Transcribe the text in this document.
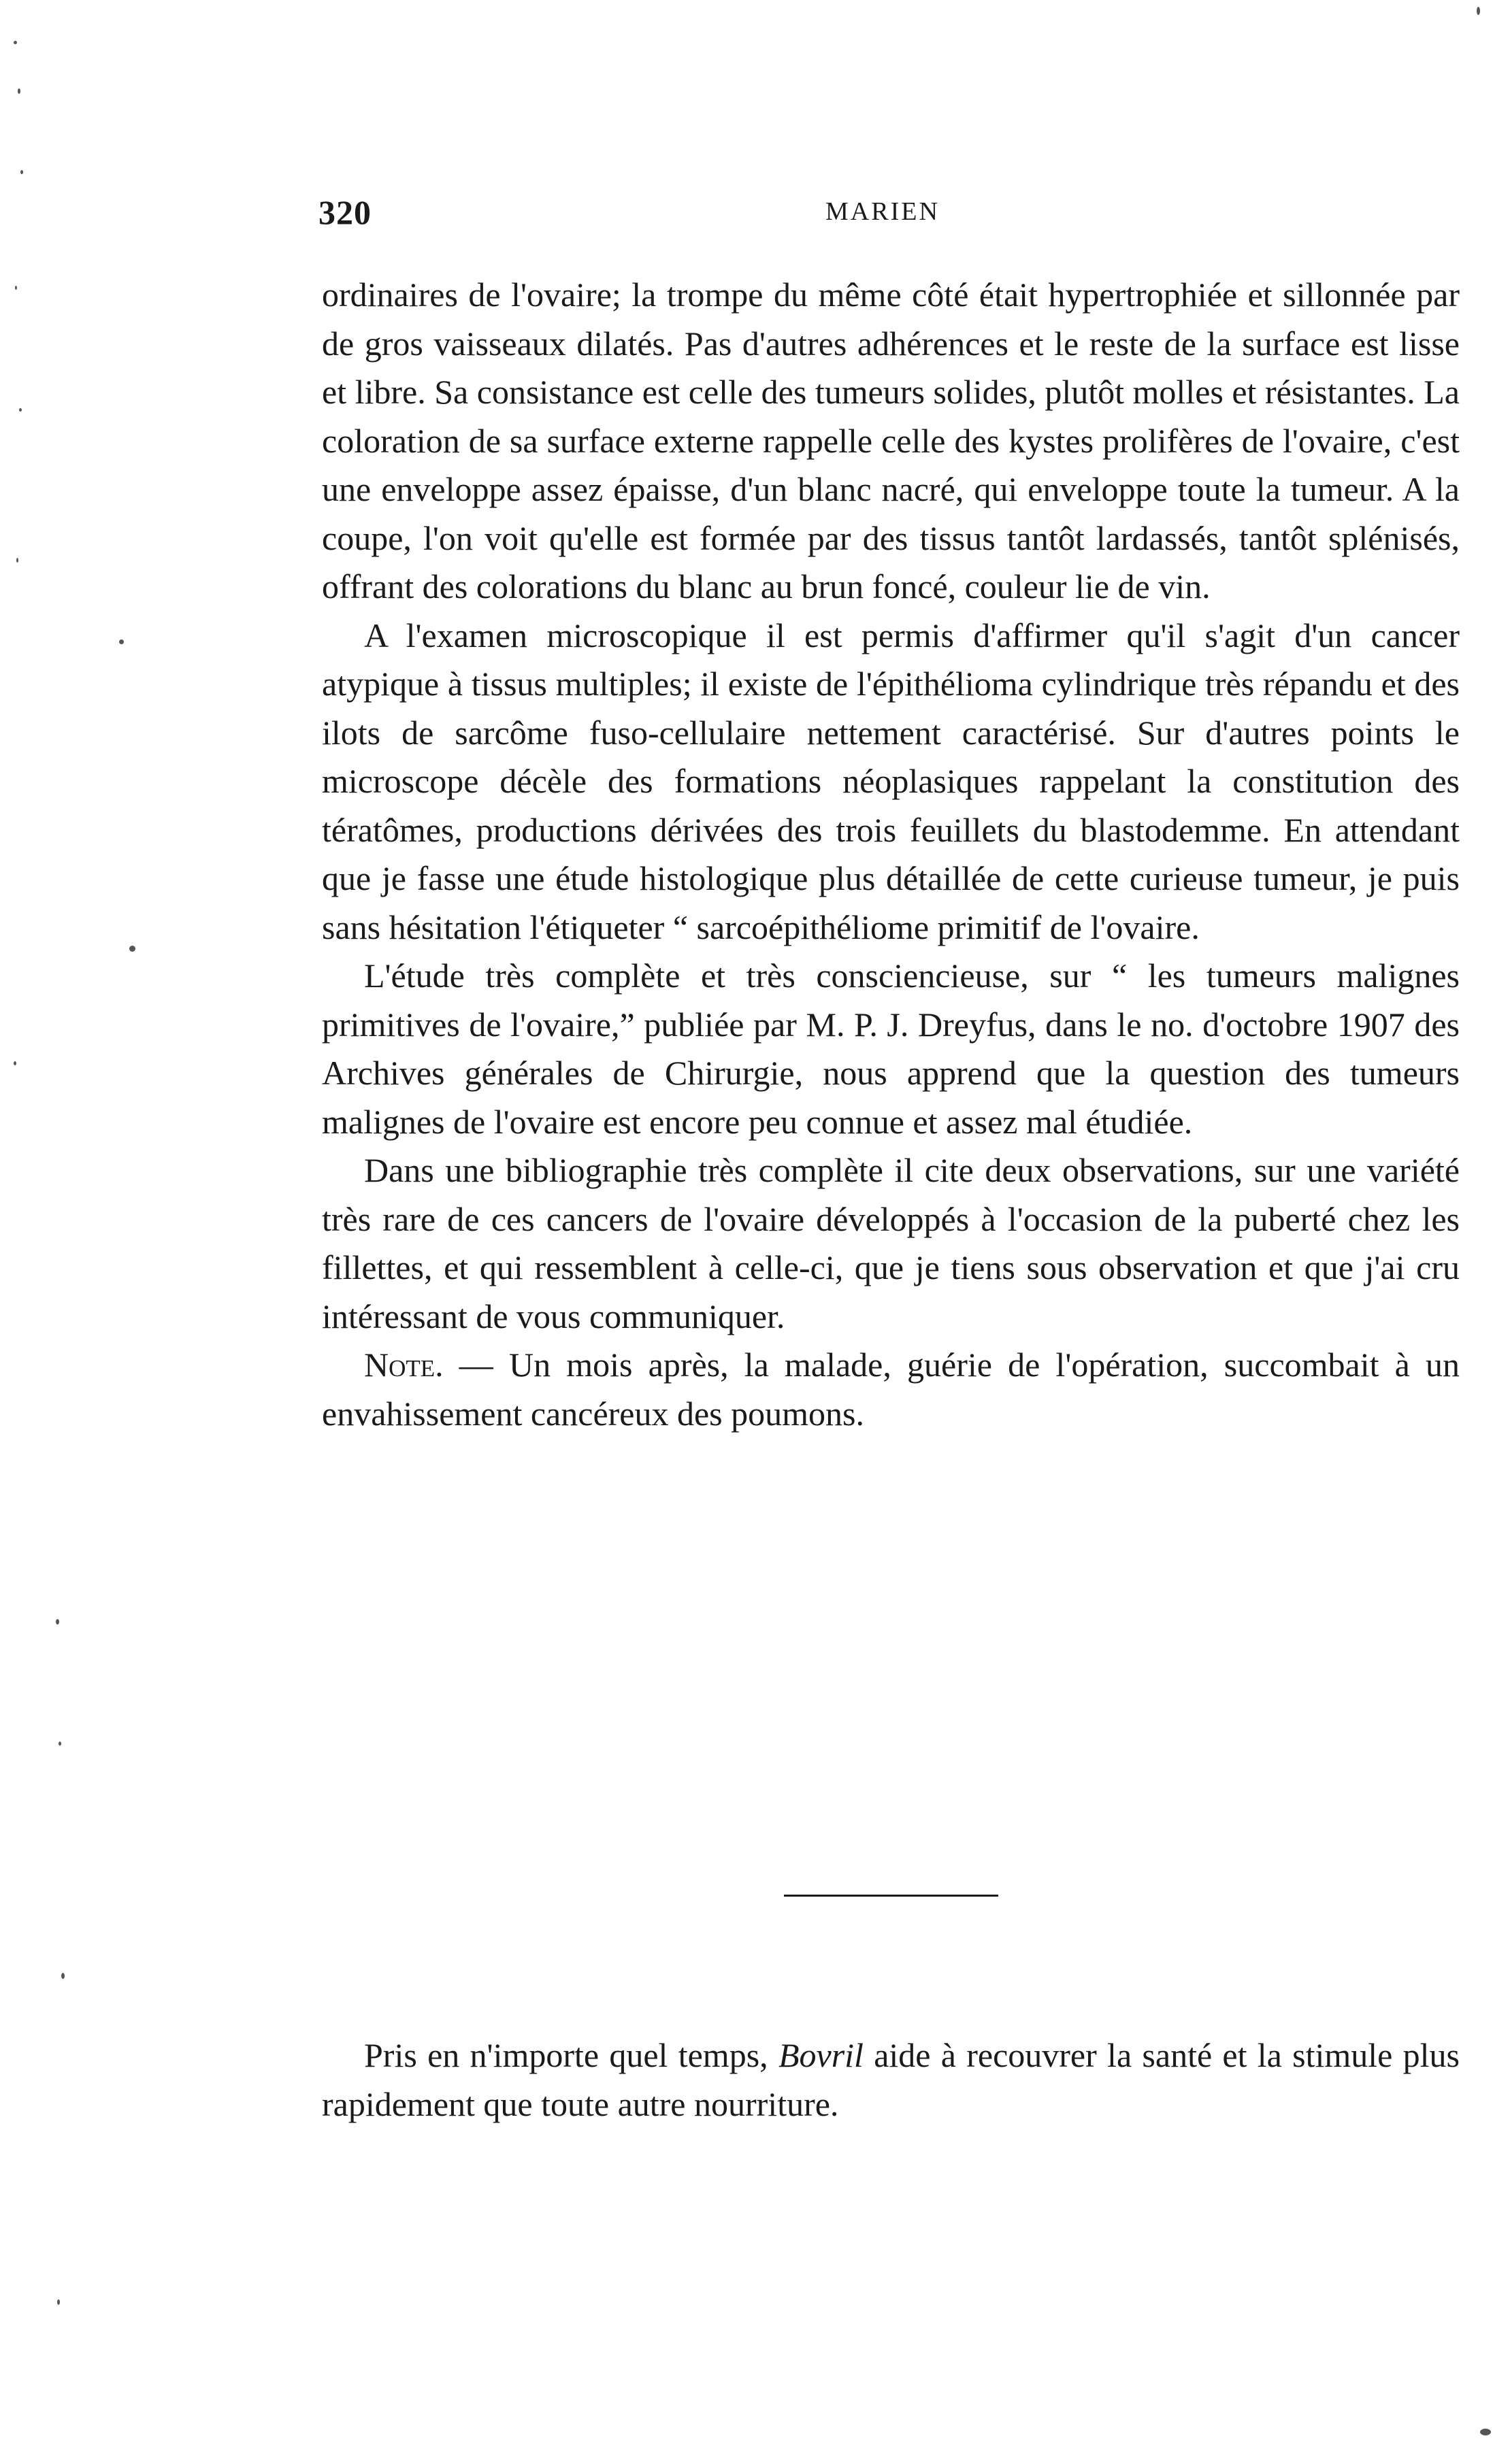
320	MARIEN

ordinaires de l'ovaire; la trompe du même côté était hypertrophiée et sillonnée par de gros vaisseaux dilatés. Pas d'autres adhérences et le reste de la surface est lisse et libre. Sa consistance est celle des tumeurs solides, plutôt molles et résistantes. La coloration de sa surface externe rappelle celle des kystes prolifères de l'ovaire, c'est une enveloppe assez épaisse, d'un blanc nacré, qui enveloppe toute la tumeur. A la coupe, l'on voit qu'elle est formée par des tissus tantôt lardassés, tantôt splénisés, offrant des colorations du blanc au brun foncé, couleur lie de vin.

A l'examen microscopique il est permis d'affirmer qu'il s'agit d'un cancer atypique à tissus multiples; il existe de l'épithélioma cylindrique très répandu et des ilots de sarcôme fuso-cellulaire nettement caractérisé. Sur d'autres points le microscope décèle des formations néoplasiques rappelant la constitution des tératômes, productions dérivées des trois feuillets du blastodemme. En attendant que je fasse une étude histologique plus détaillée de cette curieuse tumeur, je puis sans hésitation l'étiqueter “ sarcoépithéliome primitif de l'ovaire.

L'étude très complète et très consciencieuse, sur “ les tumeurs malignes primitives de l'ovaire,” publiée par M. P. J. Dreyfus, dans le no. d'octobre 1907 des Archives générales de Chirurgie, nous apprend que la question des tumeurs malignes de l'ovaire est encore peu connue et assez mal étudiée.

Dans une bibliographie très complète il cite deux observations, sur une variété très rare de ces cancers de l'ovaire développés à l'occasion de la puberté chez les fillettes, et qui ressemblent à celle-ci, que je tiens sous observation et que j'ai cru intéressant de vous communiquer.

Note. — Un mois après, la malade, guérie de l'opération, succombait à un envahissement cancéreux des poumons.

Pris en n'importe quel temps, Bovril aide à recouvrer la santé et la stimule plus rapidement que toute autre nourriture.
